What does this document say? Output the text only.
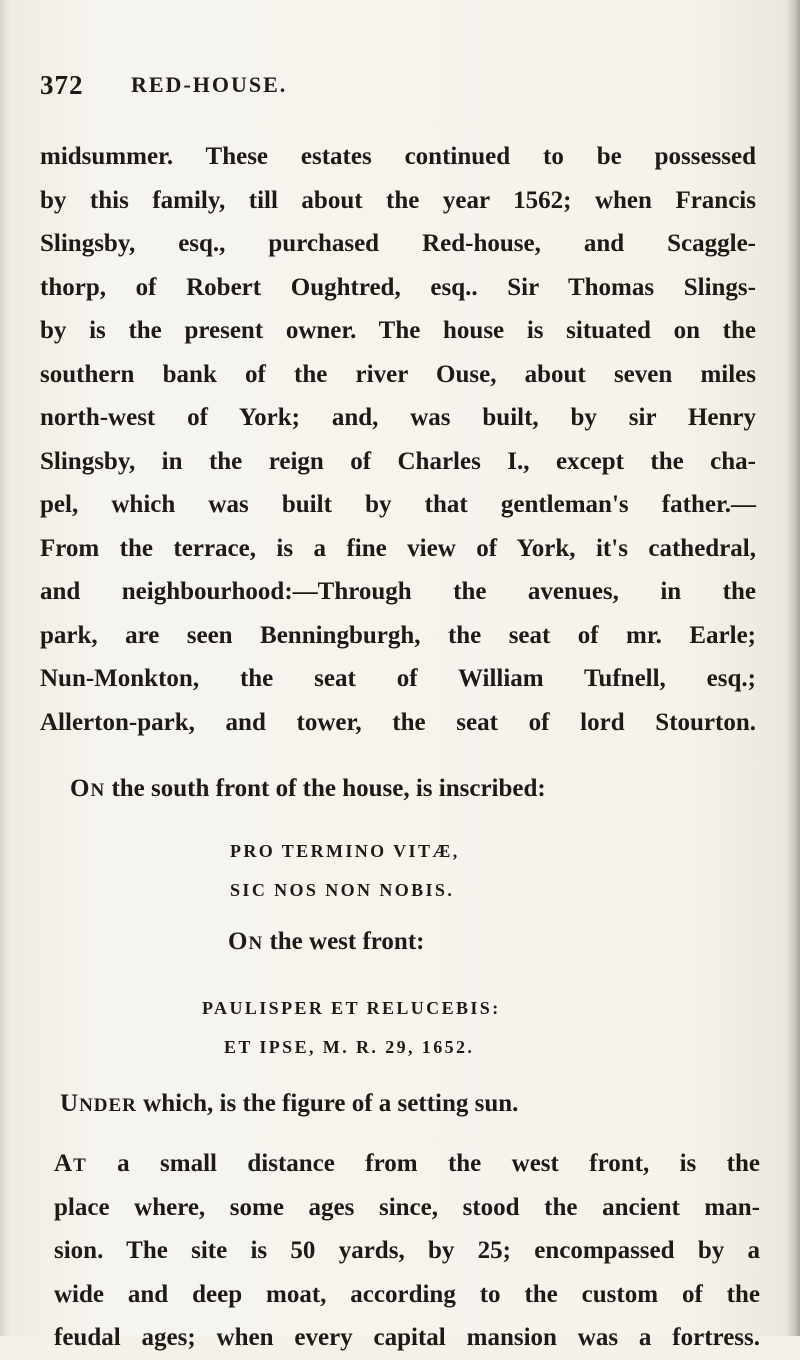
372 RED-HOUSE.
midsummer. These estates continued to be possessed
by this family, till about the year 1562; when Francis
Slingsby, esq., purchased Red-house, and Scaggle-
thorp, of Robert Oughtred, esq.. Sir Thomas Slings-
by is the present owner. The house is situated on the
southern bank of the river Ouse, about seven miles
north-west of York; and, was built, by sir Henry
Slingsby, in the reign of Charles I., except the cha-
pel, which was built by that gentleman's father.—
From the terrace, is a fine view of York, it's cathedral,
and neighbourhood:—Through the avenues, in the
park, are seen Benningburgh, the seat of mr. Earle;
Nun-Monkton, the seat of William Tufnell, esq.;
Allerton-park, and tower, the seat of lord Stourton.
ON the south front of the house, is inscribed:
PRO TERMINO VITÆ,
SIC NOS NON NOBIS.
ON the west front:
PAULISPER ET RELUCEBIS:
ET IPSE, M. R. 29, 1652.
UNDER which, is the figure of a setting sun.
AT a small distance from the west front, is the
place where, some ages since, stood the ancient man-
sion. The site is 50 yards, by 25; encompassed by a
wide and deep moat, according to the custom of the
feudal ages; when every capital mansion was a fortress.
